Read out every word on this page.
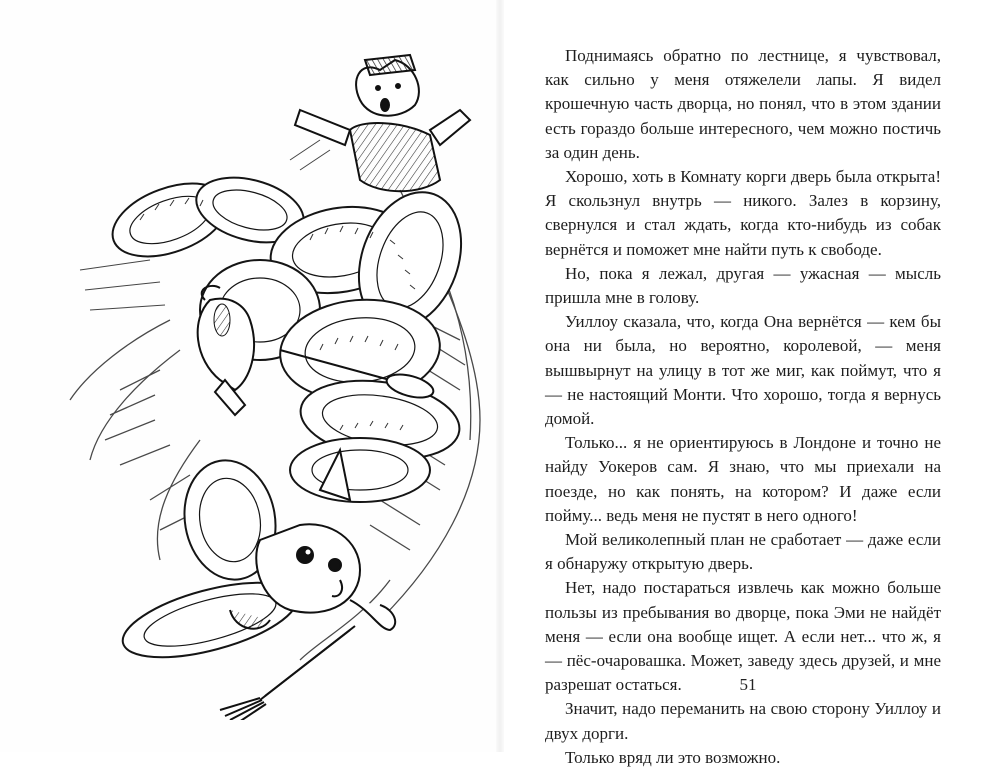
Поднимаясь обратно по лестнице, я чувствовал, как сильно у меня отяжелели лапы. Я видел крошечную часть дворца, но понял, что в этом здании есть гораздо больше интересного, чем можно постичь за один день.

Хорошо, хоть в Комнату корги дверь была открыта! Я скользнул внутрь — никого. Залез в корзину, свернулся и стал ждать, когда кто-нибудь из собак вернётся и поможет мне найти путь к свободе.

Но, пока я лежал, другая — ужасная — мысль пришла мне в голову.

Уиллоу сказала, что, когда Она вернётся — кем бы она ни была, но вероятно, королевой, — меня вышвырнут на улицу в тот же миг, как поймут, что я — не настоящий Монти. Что хорошо, тогда я вернусь домой.

Только... я не ориентируюсь в Лондоне и точно не найду Уокеров сам. Я знаю, что мы приехали на поезде, но как понять, на котором? И даже если пойму... ведь меня не пустят в него одного!

Мой великолепный план не сработает — даже если я обнаружу открытую дверь.

Нет, надо постараться извлечь как можно больше пользы из пребывания во дворце, пока Эми не найдёт меня — если она вообще ищет. А если нет... что ж, я — пёс-очаровашка. Может, заведу здесь друзей, и мне разрешат остаться.

Значит, надо переманить на свою сторону Уиллоу и двух дорги.

Только вряд ли это возможно.

51
